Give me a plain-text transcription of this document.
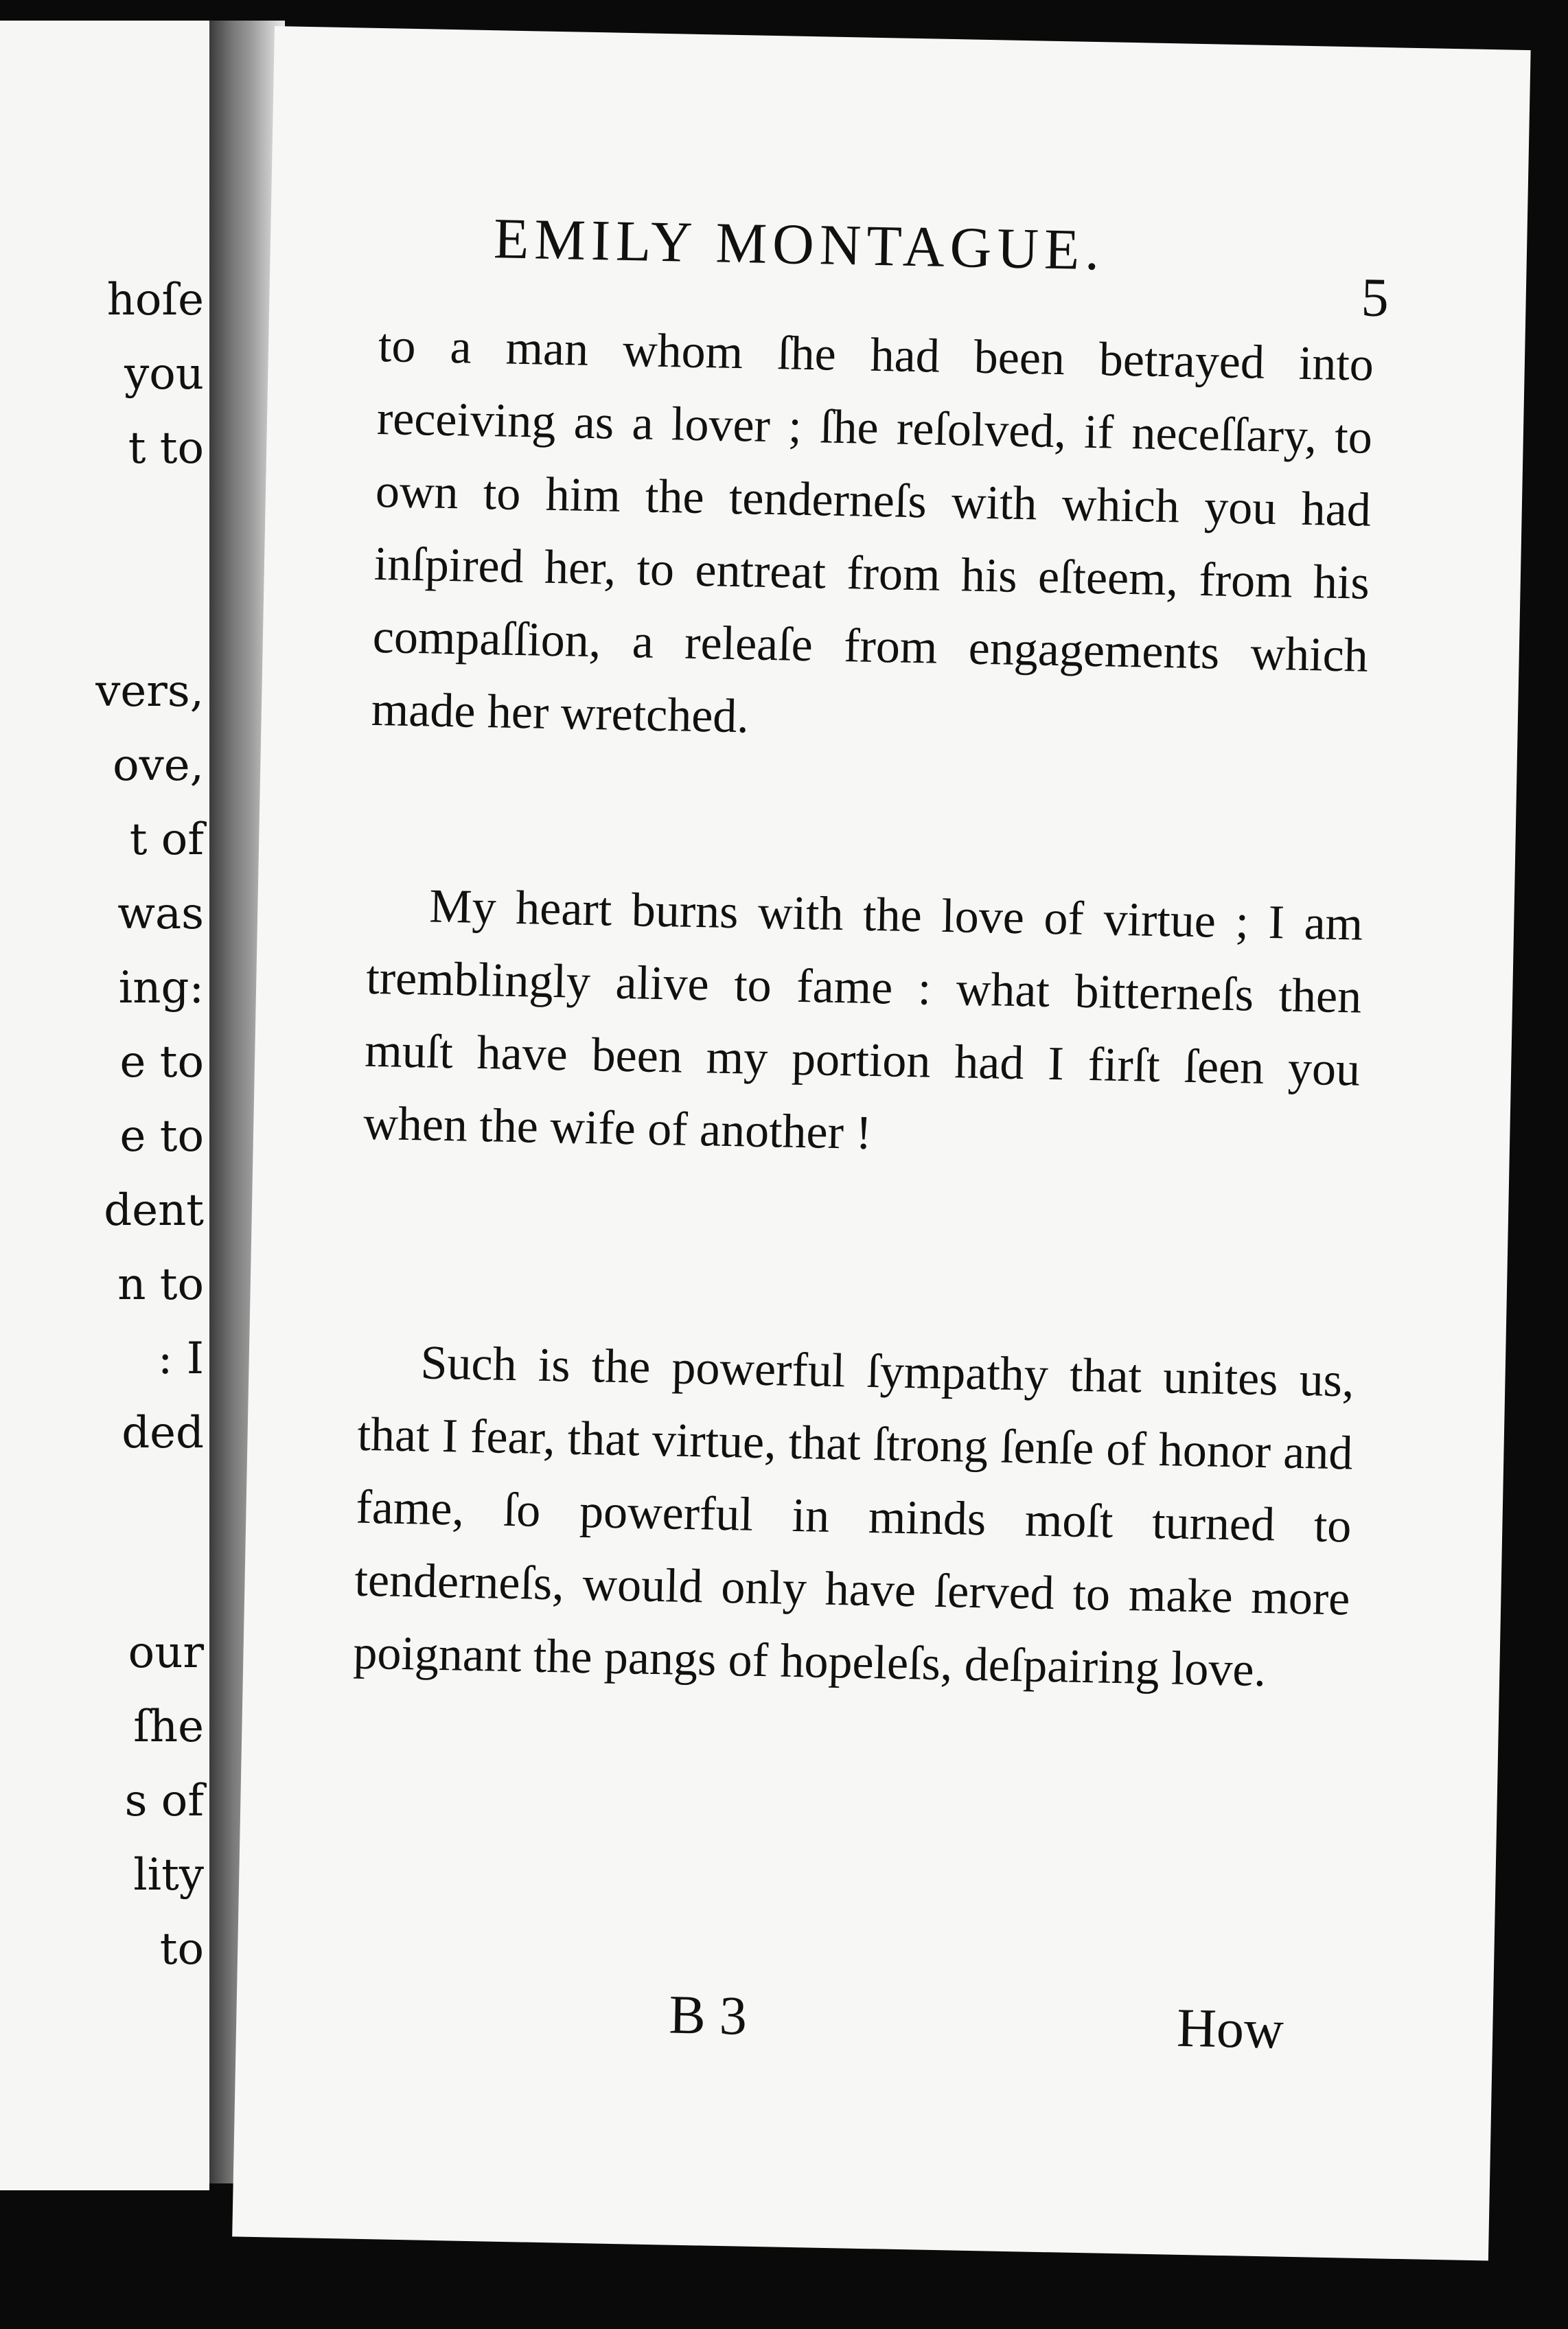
hoſe
you
t to
vers,
ove,
t of
was
ing:
e to
e to
dent
n to
: I
ded
our
ſhe
s of
lity
to
EMILY MONTAGUE.
5

to a man whom ſhe had been betrayed into receiving as a lover ; ſhe reſolved, if neceſſary, to own to him the tenderneſs with which you had inſpired her, to entreat from his eſteem, from his compaſſion, a releaſe from engagements which made her wretched.

My heart burns with the love of virtue ; I am tremblingly alive to fame : what bitterneſs then muſt have been my portion had I firſt ſeen you when the wife of another !

Such is the powerful ſympathy that unites us, that I fear, that virtue, that ſtrong ſenſe of honor and fame, ſo powerful in minds moſt turned to tenderneſs, would only have ſerved to make more poignant the pangs of hopeleſs, deſpairing love.

B 3	How
